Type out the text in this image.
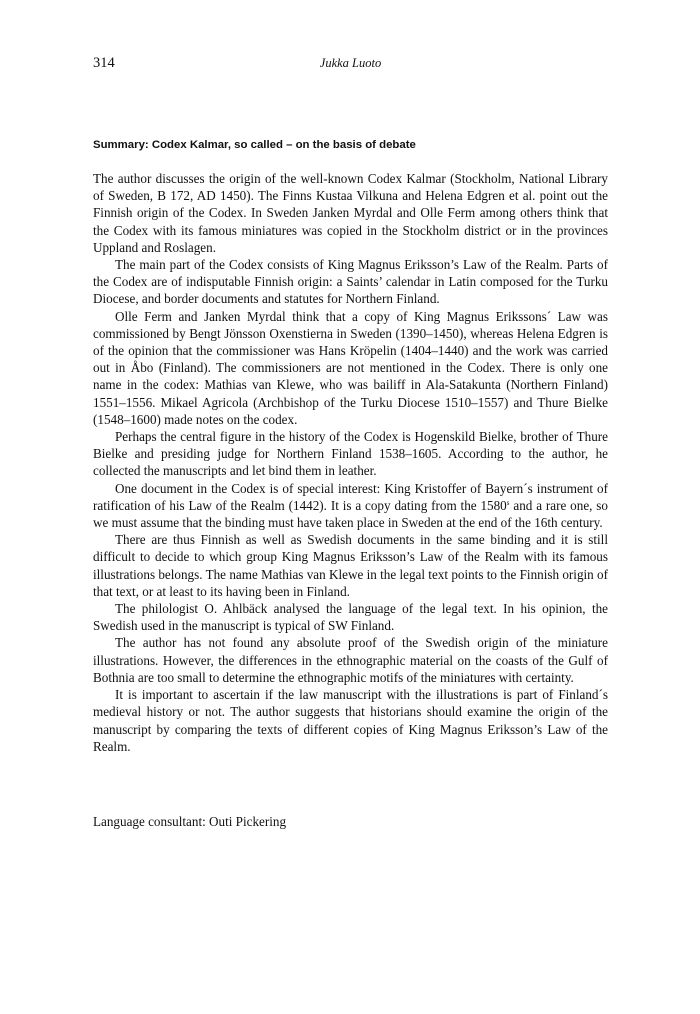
314	Jukka Luoto
Summary: Codex Kalmar, so called – on the basis of debate

The author discusses the origin of the well-known Codex Kalmar (Stockholm, National Library of Sweden, B 172, AD 1450). The Finns Kustaa Vilkuna and Helena Edgren et al. point out the Finnish origin of the Codex. In Sweden Janken Myrdal and Olle Ferm among others think that the Codex with its famous miniatures was copied in the Stockholm district or in the provinces Uppland and Roslagen.

The main part of the Codex consists of King Magnus Eriksson’s Law of the Realm. Parts of the Codex are of indisputable Finnish origin: a Saints’ calendar in Latin composed for the Turku Diocese, and border documents and statutes for Northern Finland.

Olle Ferm and Janken Myrdal think that a copy of King Magnus Erikssons´ Law was commissioned by Bengt Jönsson Oxenstierna in Sweden (1390–1450), whereas Helena Edgren is of the opinion that the commissioner was Hans Kröpelin (1404–1440) and the work was carried out in Åbo (Finland). The commissioners are not mentioned in the Codex. There is only one name in the codex: Mathias van Klewe, who was bailiff in Ala-Satakunta (Northern Finland) 1551–1556. Mikael Agricola (Archbishop of the Turku Diocese 1510–1557) and Thure Bielke (1548–1600) made notes on the codex.

Perhaps the central figure in the history of the Codex is Hogenskild Bielke, brother of Thure Bielke and presiding judge for Northern Finland 1538–1605. According to the author, he collected the manuscripts and let bind them in leather.

One document in the Codex is of special interest: King Kristoffer of Bayern´s instrument of ratification of his Law of the Realm (1442). It is a copy dating from the 1580$^s$ and a rare one, so we must assume that the binding must have taken place in Sweden at the end of the 16th century.

There are thus Finnish as well as Swedish documents in the same binding and it is still difficult to decide to which group King Magnus Eriksson’s Law of the Realm with its famous illustrations belongs. The name Mathias van Klewe in the legal text points to the Finnish origin of that text, or at least to its having been in Finland.

The philologist O. Ahlbäck analysed the language of the legal text. In his opinion, the Swedish used in the manuscript is typical of SW Finland.

The author has not found any absolute proof of the Swedish origin of the miniature illustrations. However, the differences in the ethnographic material on the coasts of the Gulf of Bothnia are too small to determine the ethnographic motifs of the miniatures with certainty.

It is important to ascertain if the law manuscript with the illustrations is part of Finland´s medieval history or not. The author suggests that historians should examine the origin of the manuscript by comparing the texts of different copies of King Magnus Eriksson’s Law of the Realm.

Language consultant: Outi Pickering
